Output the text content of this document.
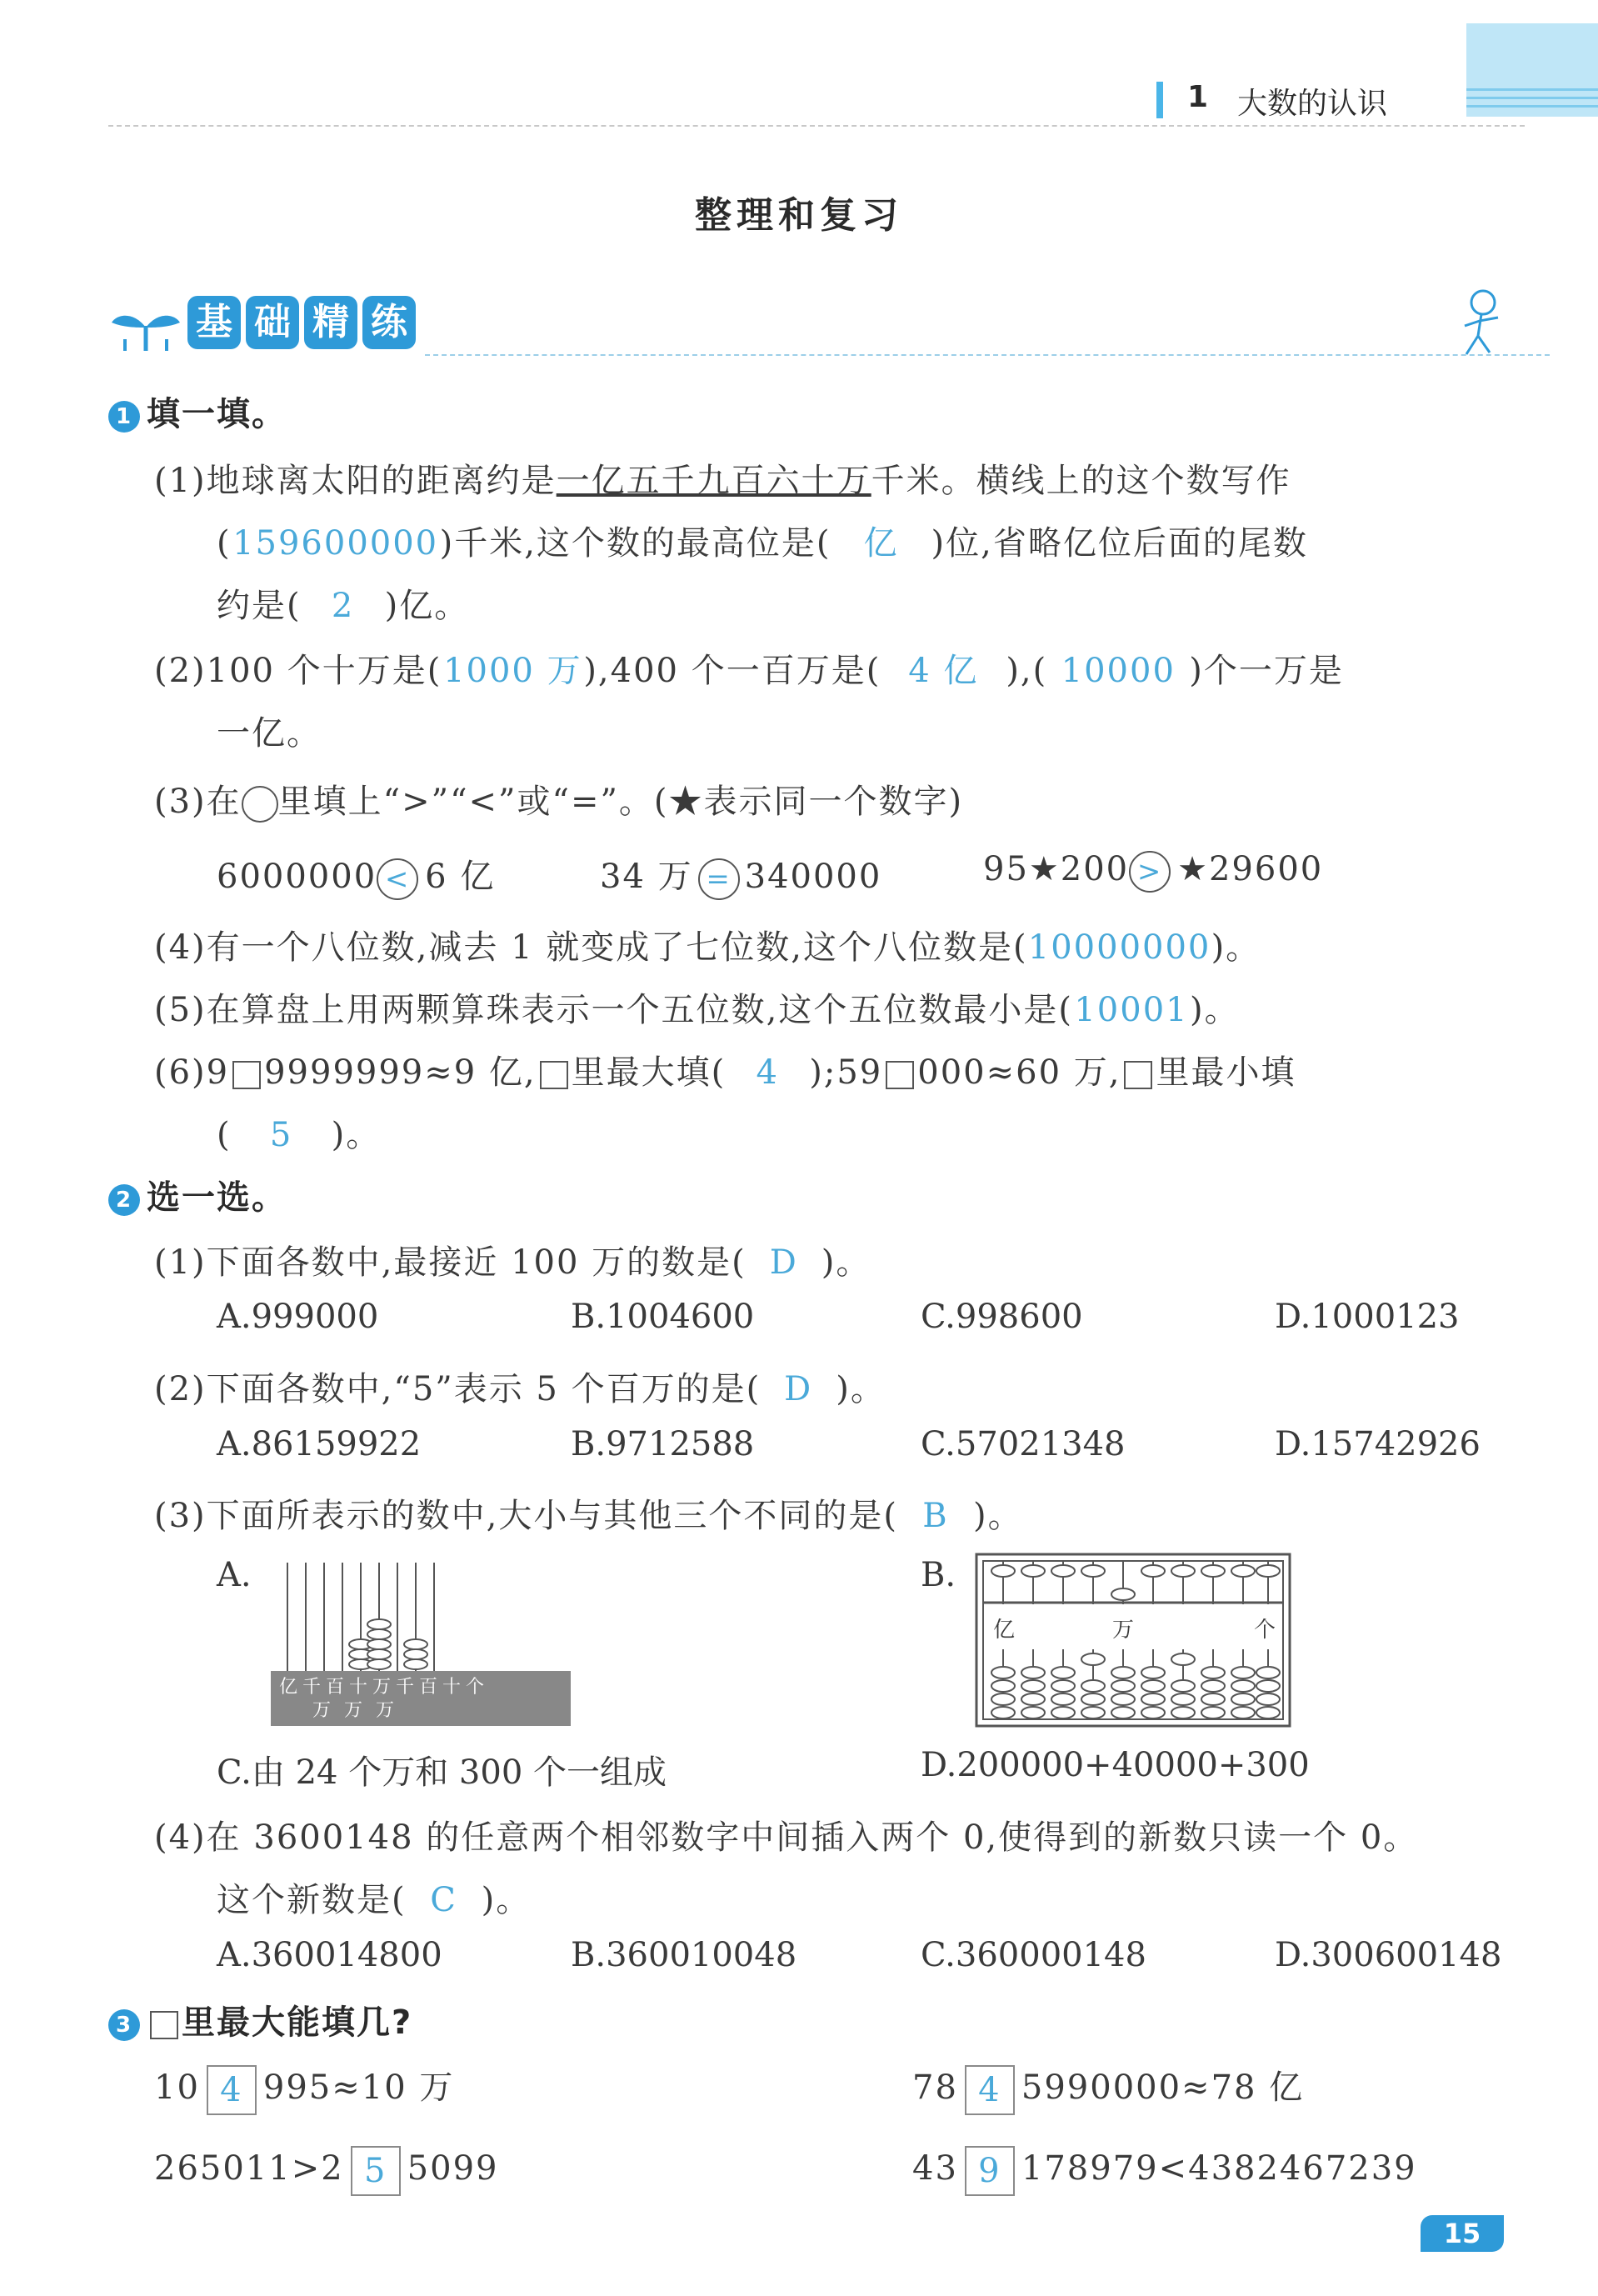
1 大数的认识
整理和复习
基 础 精 练
1 填一填。
(1)地球离太阳的距离约是一亿五千九百六十万千米。横线上的这个数写作
(159600000)千米,这个数的最高位是( 亿 )位,省略亿位后面的尾数
约是( 2 )亿。
(2)100 个十万是(1000 万),400 个一百万是( 4 亿 ),( 10000 )个一万是
一亿。
(3)在 里填上“>”“<”或“=”。(★表示同一个数字)
6000000 < 6 亿	34 万 = 340000	95★200 > ★29600
(4)有一个八位数,减去 1 就变成了七位数,这个八位数是(10000000)。
(5)在算盘上用两颗算珠表示一个五位数,这个五位数最小是(10001)。
(6)9 9999999≈9 亿, 里最大填( 4 );59 000≈60 万, 里最小填
( 5 )。
2 选一选。
(1)下面各数中,最接近 100 万的数是( D )。
A.999000	B.1004600	C.998600	D.1000123
(2)下面各数中,“5”表示 5 个百万的是( D )。
A.86159922	B.9712588	C.57021348	D.15742926
(3)下面所表示的数中,大小与其他三个不同的是( B )。
A.
亿千百十万千百十个
万万万
B.
亿	万	个
C.由 24 个万和 300 个一组成	D.200000+40000+300
(4)在 3600148 的任意两个相邻数字中间插入两个 0,使得到的新数只读一个 0。
这个新数是( C )。
A.360014800	B.360010048	C.360000148	D.300600148
3 里最大能填几?
10 4 995≈10 万	78 4 5990000≈78 亿
265011>2 5 5099	43 9 178979<4382467239
15
